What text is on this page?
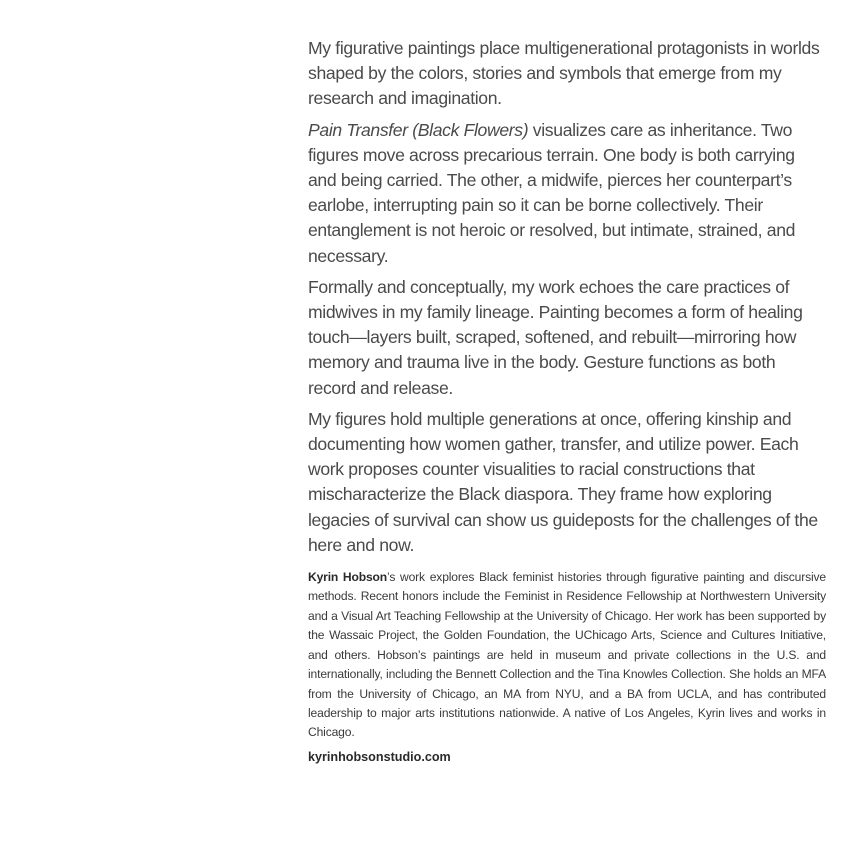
My figurative paintings place multigenerational protagonists in worlds shaped by the colors, stories and symbols that emerge from my research and imagination.

Pain Transfer (Black Flowers) visualizes care as inheritance. Two figures move across precarious terrain. One body is both carrying and being carried. The other, a midwife, pierces her counterpart’s earlobe, interrupting pain so it can be borne collectively. Their entanglement is not heroic or resolved, but intimate, strained, and necessary.

Formally and conceptually, my work echoes the care practices of midwives in my family lineage. Painting becomes a form of healing touch—layers built, scraped, softened, and rebuilt—mirroring how memory and trauma live in the body. Gesture functions as both record and release.

My figures hold multiple generations at once, offering kinship and documenting how women gather, transfer, and utilize power. Each work proposes counter visualities to racial constructions that mischaracterize the Black diaspora. They frame how exploring legacies of survival can show us guideposts for the challenges of the here and now.

Kyrin Hobson’s work explores Black feminist histories through figurative painting and discursive methods. Recent honors include the Feminist in Residence Fellowship at Northwestern University and a Visual Art Teaching Fellowship at the University of Chicago. Her work has been supported by the Wassaic Project, the Golden Foundation, the UChicago Arts, Science and Cultures Initiative, and others. Hobson’s paintings are held in museum and private collections in the U.S. and internationally, including the Bennett Collection and the Tina Knowles Collection. She holds an MFA from the University of Chicago, an MA from NYU, and a BA from UCLA, and has contributed leadership to major arts institutions nationwide. A native of Los Angeles, Kyrin lives and works in Chicago.

kyrinhobsonstudio.com
